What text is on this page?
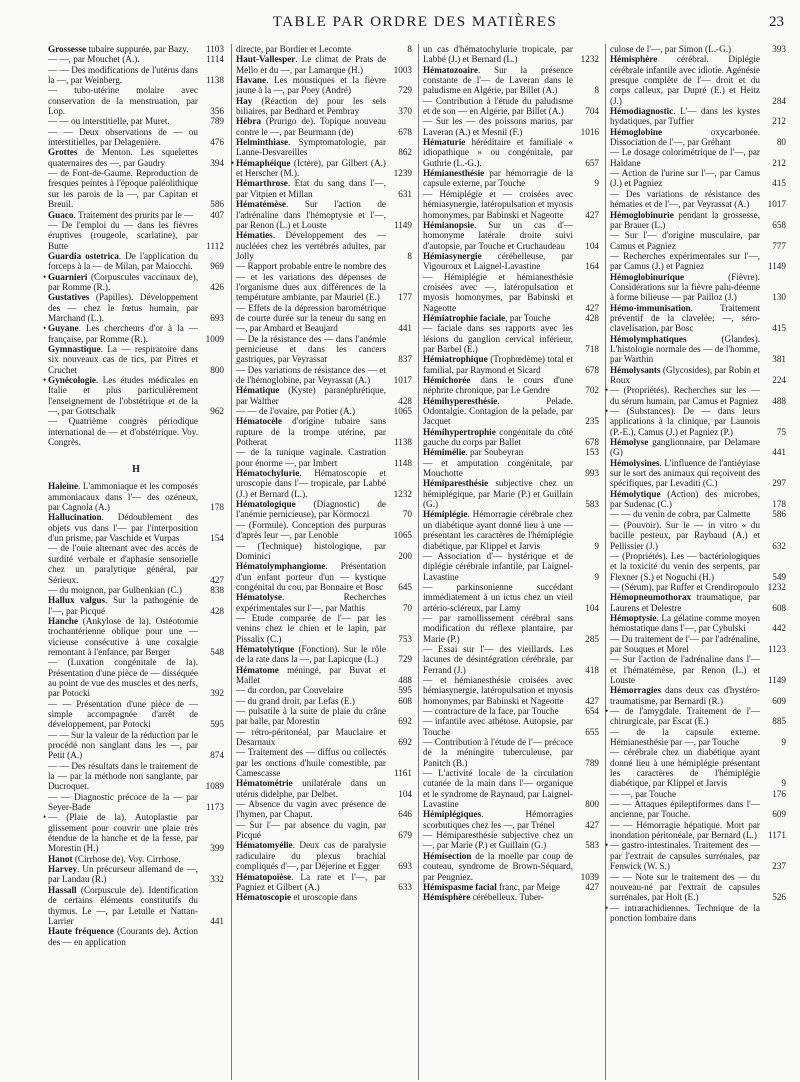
TABLE PAR ORDRE DES MATIÈRES	23
Grossesse tubaire suppurée, par Bazy. 1103
— —, par Mouchet (A.).	1114
— — Des modifications de l'utérus dans la —, par Weinberg.	1138
— tubo-utérine molaire avec conservation de la menstruation, par Lop.	356
— — ou interstitielle, par Muret.	789
— — Deux observations de — ou interstitielles, par Delagenière.	476
Grottes de Menton. Les squelettes quaternaires des —, par Gaudry	394
— de Font-de-Gaume. Reproduction de fresques peintes à l'époque paléolithique sur les parois de la —, par Capitan et Breuil.	586
Guaco. Traitement des prurits par le — 407
— De l'emploi du — dans les fièvres éruptives (rougeole, scarlatine), par Butte	1112
Guardia ostetrica. De l'application du forceps à la — de Milan, par Maiocchi. 969
• Guarnieri (Corpuscules vaccinaux de), par Romme (R.).	426
Gustatives (Papilles). Développement des — chez le fœtus humain, par Marchand (L.).	693
• Guyane. Les chercheurs d'or à la — française, par Romme (R.).	1009
Gymnastique. La — respiratoire dans six nouveaux cas de tics, par Pitres et Cruchet	800
• Gynécologie. Les études médicales en Italie et plus particulièrement l'enseignement de l'obstétrique et de la —, par Gottschalk	962
— Quatrième congrès périodique international de — et d'obstétrique. Voy. Congrès.
H
Haleine. L'ammoniaque et les composés ammoniacaux dans l'— des ozéneux, par Cagnola (A.)	178
Hallucination. Dédoublement des objets vus dans l'— par l'interposition d'un prisme, par Vaschide et Vurpas	154
— de l'ouïe alternant avec des accès de surdité verbale et d'aphasie sensorielle chez un paralytique général, par Sérieux.	427
— du moignon, par Gulbenkian (C.)	838
Hallux valgus. Sur la pathogénie de l'—, par Picqué	428
Hanche (Ankylose de la). Ostéotomie trochantérienne oblique pour une — vicieuse consécutive à une coxalgie remontant à l'enfance, par Berger	548
— (Luxation congénitale de la). Présentation d'une pièce de — disséquée au point de vue des muscles et des nerfs, par Potocki	392
— — Présentation d'une pièce de — simple accompagnée d'arrêt de développement, par Potocki	595
— — Sur la valeur de la réduction par le procédé non sanglant dans les —, par Petit (A.)	874
— — Des résultats dans le traitement de la — par la méthode non sanglante, par Ducroquet.	1089
— — Diagnostic précoce de la — par Seyer-Bade	1173
• — (Plaie de la). Autoplastie par glissement pour couvrir une plaie très étendue de la hanche et de la fesse, par Morestin (H.)	399
Hanot (Cirrhose de). Voy. Cirrhose.
Harvey. Un précurseur allemand de —, par Landau (R.)	332
Hassall (Corpuscule de). Identification de certains éléments constitutifs du thymus. Le —, par Letulle et Nattan-Larrier	441
Haute fréquence (Courants de). Action des — en application
directe, par Bordier et Lecomte	8
Haut-Vallesper. Le climat de Prats de Mello et du —, par Lamarque (H.)	1003
Havane. Les moustiques et la fièvre jaune à la —, par Poey (André)	729
Hay (Réaction de) pour les sels biliaires, par Bedhard et Pembray	370
Hébra (Prurigo de). Topique nouveau contre le —, par Beurmann (de)	678
Helminthiase. Symptomatologie, par Lanne-Desvareilles	862
• Hémaphéique (Ictère), par Gilbert (A.) et Herscher (M.).	1239
Hémarthrose. Etat du sang dans l'—, par Vitpien et Millan	631
Hématémèse. Sur l'action de l'adrénaline dans l'hémoptysie et l'—, par Renon (L.) et Louste	1149
Hématies. Développement des — nucléées chez les vertébrés adultes, par Jolly	8
— Rapport probable entre le nombre des — et les variations des dépenses de l'organisme dues aux différences de la température ambiante, par Mauriel (E.) 177
— Effets de la dépression barométrique de courte durée sur la teneur du sang en —, par Ambard et Beaujard	441
— De la résistance des — dans l'anémie pernicieuse et dans les cancers gastriques, par Veyrassat	837
— Des variations de résistance des — et de l'hémoglobine, par Veyrassat (A.)	1017
Hématique (Kyste) paranéphrétique, par Walther	428
— — de l'ovaire, par Potier (A.)	1065
Hématocèle d'origine tubaire sans rupture de la trompe utérine, par Potherat	1138
— de la tunique vaginale. Castration pour énorme —, par Imbert	1148
Hématochylurie. Hématoscopie et uroscopie dans l'— tropicale, par Labbé (J.) et Bernard (L.).	1232
Hématologique (Diagnostic) de l'anémie pernicieuse), par Körmoczi	70
— (Formule). Conception des purpuras d'après leur —, par Lenoble	1065
— (Technique) histologique, par Dominici	200
Hématolymphangiome. Présentation d'un enfant porteur d'un — kystique congénital du cou, par Bonnaire et Bosc 645
Hématolyse. Recherches expérimentales sur l'—, par Mathis	70
— Etude comparée de l'— par les venins chez le chien et le lapin, par Pissalix (C.)	753
Hématolytique (Fonction). Sur le rôle de la rate dans la —, par Lapicque (L.) 729
Hématome méningé, par Buvat et Mallet	488
— du cordon, par Couvelaire	595
— du grand droit, par Lefas (E.)	608
— pulsatile à la suite de plaie du crâne par balle, par Morestin	692
— rétro-péritonéal, par Mauclaire et Desarnaux	692
— Traitement des — diffus ou collectés par les onctions d'huile comestible, par Camescasse	1161
Hématométrie unilatérale dans un utérus didelphe, par Delbet.	104
— Absence du vagin avec présence de l'hymen, par Chaput.	646
— Sur l'— par absence du vagin, par Picqué	679
Hématomyélie. Deux cas de paralysie radiculaire du plexus brachial compliqués d'—, par Déjerine et Egger 693
Hématopoïèse. La rate et l'—, par Pagniez et Gilbert (A.)	633
Hématoscopie et uroscopie dans
un cas d'hématochylurie tropicale, par Labbé (J.) et Bernard (L.)	1232
Hématozoaire. Sur la présence constante de l'— de Laveran dans le paludisme en Algérie, par Billet (A.)	8
— Contribution à l'étude du paludisme et de son — en Algérie, par Billet (A.) 704
— Sur les — des poissons marins, par Laveran (A.) et Mesnil (F.)	1016
Hématurie héréditaire et familiale « idiopathique » ou congénitale, par Guthrie (L.-G.).	657
Hémianesthésie par hémorragie de la capsule externe, par Touche	9
— Hémiplégie et — croisées avec hémiasynergie, latéropulsation et myosis homonymes, par Babinski et Nageotte 427
Hémianopsie. Sur un cas d'— homonyme latérale droite suivi d'autopsie, par Touche et Cruchaudeau 104
Hémiasynergie cérébelleuse, par Vigouroux et Laignel-Lavastine	164
— Hémiplégie et hémianesthésie croisées avec —, latéropulsation et myosis homonymes, par Babinski et Nageotte	427
Hémiatrophie faciale, par Touche	428
— faciale dans ses rapports avec les lésions du ganglion cervical inférieur, par Barbel (E.)	718
Hémiatrophique (Trophœdème) total et familial, par Raymond et Sicard	678
Hémichorée dans le cours d'une néphrite chronique, par Le Gendre	702
Hémihyperesthésie. Pelade. Odontalgie. Contagion de la pelade, par Jacquet	235
Hémihypertrophie congénitale du côté gauche du corps par Ballet	678
Hémimélie. par Soubeyran	153
— et amputation congénitale, par Mouchotte	993
Hémiparesthésie subjective chez un hémiplégique, par Marie (P.) et Guillain (G.)	583
Hémiplégie. Hémorragie cérébrale chez un diabétique ayant donné lieu à une — présentant les caractères de l'hémiplégie diabétique, par Klippel et Jarvis	9
— Association d'— hystérique et de diplégie cérébrale infantile, par Laignel-Lavastine	9
— parkinsonienne succédant immédiatement à un ictus chez un vieil artério-scléreux, par Lamy	104
— par ramollissement cérébral sans modification du réflexe plantaire, par Marie (P.)	285
— Essai sur l'— des vieillards. Les lacunes de désintégration cérébrale, par Ferrand (J.)	418
— et hémianesthésie croisées avec hémiasynergie, latéropulsation et myosis homonymes, par Babinski et Nageotte 427
— contracture de la face, par Touche	654
— infantile avec athétose. Autopsie, par Touche	655
— Contribution à l'étude de l'— précoce de la méningite tuberculeuse, par Panitch (B.)	789
— L'activité locale de la circulation cutanée de la main dans l'— organique et le syndrome de Raynaud, par Laignel-Lavastine	800
Hémiplégiques. Hémorragies scorbutiques chez les —, par Trénel	427
— Hémiparesthésie subjective chez un —, par Marie (P.) et Guillain (G.)	583
Hémisection de la moelle par coup de couteau, syndrome de Brown-Séquard, par Peugniez.	1039
Hémispasme facial franc, par Meige	427
Hémisphère cérébelleux. Tuber-
culose de l'—, par Simon (L.-G.)	393
Hémisphère cérébral. Diplégie cérébrale infantile avec idiotie. Agénésie presque complète de l'— droit et du corps calleux, par Dupré (E.) et Heitz (J.)	284
Hémodiagnostic. L'— dans les kystes hydatiques, par Tuffier	212
Hémoglobine oxycarbonée. Dissociation de l'—, par Gréhant	80
— Le dosage colorimétrique de l'—, par Haldane	212
— Action de l'urine sur l'—, par Camus (J.) et Pagniez	415
— Des variations de résistance des hématies et de l'—, par Veyrassat (A.) 1017
Hémoglobinurie pendant la grossesse, par Brauer (L.)	658
— Sur l'— d'origine musculaire, par Camus et Pagniez	777
— Recherches expérimentales sur l'—, par Camus (J.) et Pagniez	1149
Hémoglobinurique (Fièvre). Considérations sur la fièvre palu-déenne à forme bilieuse — par Pailloz (J.)	130
Hémo-immunisation. Traitement préventif de la clavelée; —, séro-clavelisation, par Bosc	415
Hémolymphatiques (Glandes). L'histologie normale des — de l'homme, par Warthin	381
Hémolysants (Glycosides), par Robin et Roux	224
• — (Propriétés). Recherches sur les — du sérum humain, par Camus et Pagniez 488
• — (Substances). De — dans leurs applications à la clinique, par Launois (P.-E.), Camus (J.) et Pagniez (P.)	75
Hémolyse ganglionnaire, par Delamare (G)	441
Hémolysines. L'influence de l'antiéyiase sur le sort des animaux qui reçoivent des spécifiques, par Levaditi (C.)	297
Hémolytique (Action) des microbes, par Sudenac (C.)	178
— — du venin de cobra, par Calmette 586
— (Pouvoir). Sur le — in vitro « du bacille pesteux, par Raybaud (A.) et Pellissier (J.)	632
— (Propriétés). Les — bactériologiques et la toxicité du venin des serpents, par Flexner (S.) et Noguchi (H.)	549
— (Sérum), par Ruffer et Crendiropoulo 1232
Hémopneumothorax traumatique, par Laurens et Delestre	608
Hémoptysie. La gélatine comme moyen hémostatique dans l'—, par Cybulski	442
— Du traitement de l'— par l'adrénaline, par Souques et Morel	1123
— Sur l'action de l'adrénaline dans l'— et l'hématémèse, par Renon (L.) et Louste	1149
Hémorragies dans deux cas d'hystéro-traumatisme, par Bernardi (R.)	609
• — de l'amygdale. Traitement de l'— chirurgicale, par Escat (E.)	885
— de la capsule externe. Hémianesthésie par —, par Touche	9
— cérébrale chez un diabétique ayant donné lieu à une hémiplégie présentant les caractères de l'hémiplégie diabétique, par Klippel et Jarvis	9
— —, par Touche	176
— — Attaques épileptiformes dans l'— ancienne, par Touche.	609
— — Hémorragie hépatique. Mort par inondation péritonéale, par Bernard (L.) 1171
• — gastro-intestinales. Traitement des — par l'extrait de capsules surrénales, par Fenwick (W. S.)	237
— — Note sur le traitement des — du nouveau-né par l'extrait de capsules surrénales, par Holt (E.)	526
• — intrarachidiennes. Technique de la ponction lombaire dans
